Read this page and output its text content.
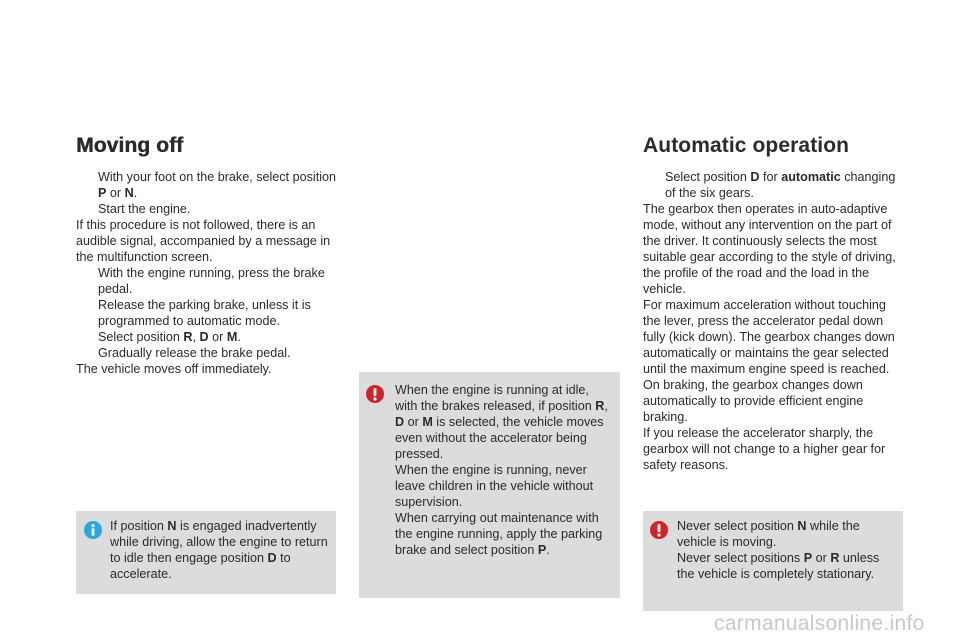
Moving off
With your foot on the brake, select position P or N.
Start the engine.
If this procedure is not followed, there is an audible signal, accompanied by a message in the multifunction screen.
With the engine running, press the brake pedal.
Release the parking brake, unless it is programmed to automatic mode.
Select position R, D or M.
Gradually release the brake pedal.
The vehicle moves off immediately.
If position N is engaged inadvertently while driving, allow the engine to return to idle then engage position D to accelerate.
When the engine is running at idle, with the brakes released, if position R, D or M is selected, the vehicle moves even without the accelerator being pressed.
When the engine is running, never leave children in the vehicle without supervision.
When carrying out maintenance with the engine running, apply the parking brake and select position P.
Automatic operation
Select position D for automatic changing of the six gears.
The gearbox then operates in auto-adaptive mode, without any intervention on the part of the driver. It continuously selects the most suitable gear according to the style of driving, the profile of the road and the load in the vehicle.
For maximum acceleration without touching the lever, press the accelerator pedal down fully (kick down). The gearbox changes down automatically or maintains the gear selected until the maximum engine speed is reached.
On braking, the gearbox changes down automatically to provide efficient engine braking.
If you release the accelerator sharply, the gearbox will not change to a higher gear for safety reasons.
Never select position N while the vehicle is moving.
Never select positions P or R unless the vehicle is completely stationary.
carmanualsonline.info
